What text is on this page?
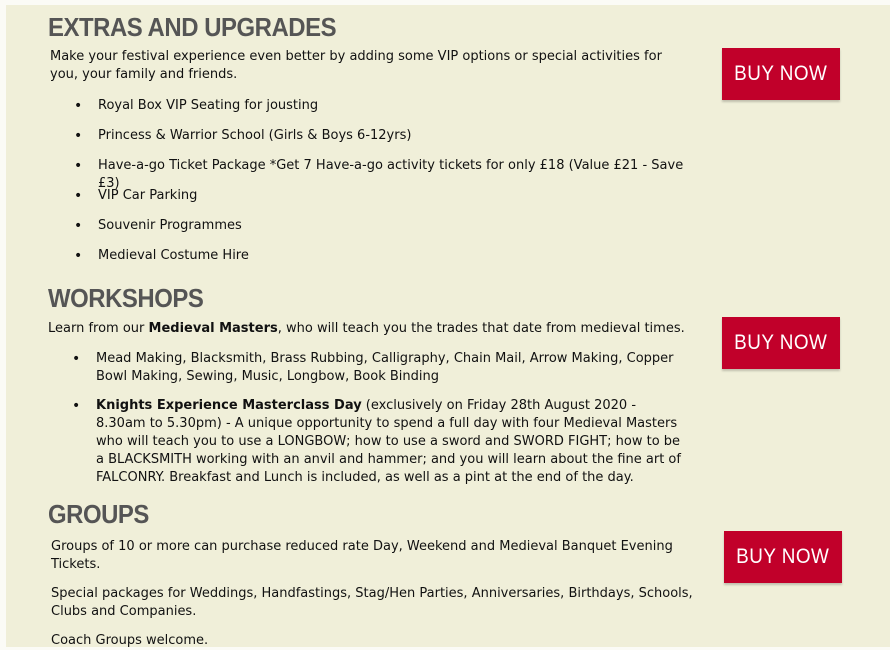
EXTRAS AND UPGRADES

Make your festival experience even better by adding some VIP options or special activities for you, your family and friends.

• Royal Box VIP Seating for jousting
• Princess & Warrior School (Girls & Boys 6-12yrs)
• Have-a-go Ticket Package *Get 7 Have-a-go activity tickets for only £18 (Value £21 - Save £3)
• VIP Car Parking
• Souvenir Programmes
• Medieval Costume Hire
BUY NOW
WORKSHOPS

Learn from our Medieval Masters, who will teach you the trades that date from medieval times.

• Mead Making, Blacksmith, Brass Rubbing, Calligraphy, Chain Mail, Arrow Making, Copper Bowl Making, Sewing, Music, Longbow, Book Binding
• Knights Experience Masterclass Day (exclusively on Friday 28th August 2020 - 8.30am to 5.30pm) - A unique opportunity to spend a full day with four Medieval Masters who will teach you to use a LONGBOW; how to use a sword and SWORD FIGHT; how to be a BLACKSMITH working with an anvil and hammer; and you will learn about the fine art of FALCONRY. Breakfast and Lunch is included, as well as a pint at the end of the day.
BUY NOW
GROUPS

Groups of 10 or more can purchase reduced rate Day, Weekend and Medieval Banquet Evening Tickets.

Special packages for Weddings, Handfastings, Stag/Hen Parties, Anniversaries, Birthdays, Schools, Clubs and Companies.

Coach Groups welcome.

BUY NOW
